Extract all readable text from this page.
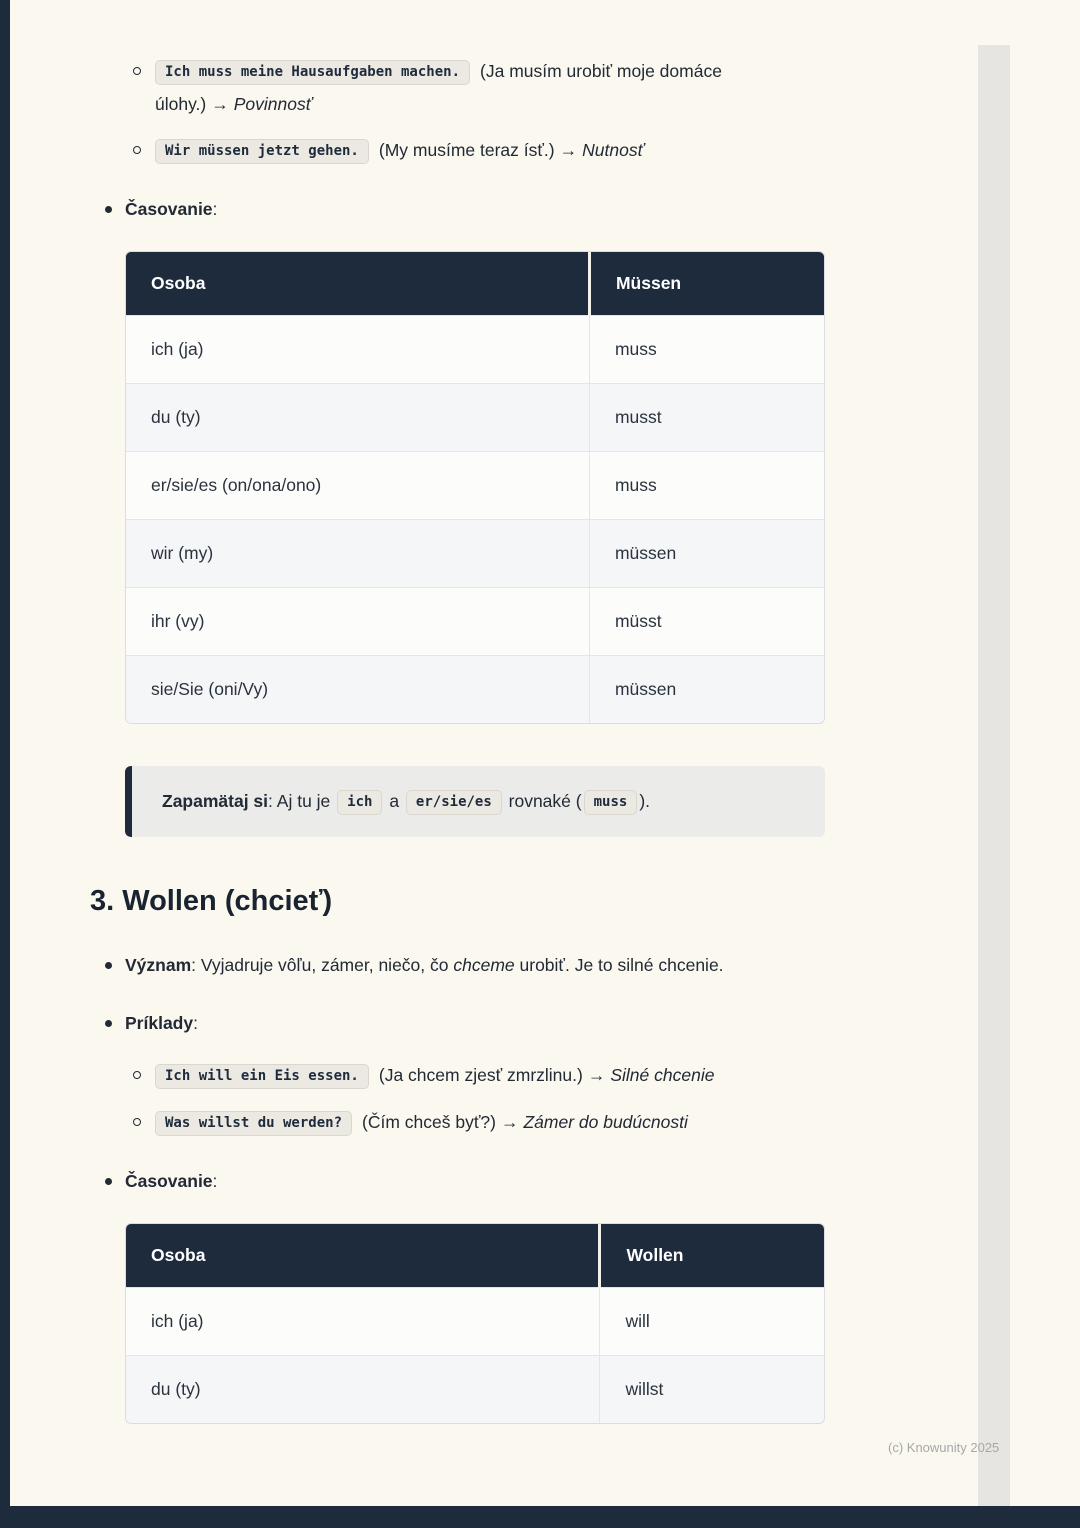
Ich muss meine Hausaufgaben machen. (Ja musím urobiť moje domáce úlohy.) → Povinnosť
Wir müssen jetzt gehen. (My musíme teraz ísť.) → Nutnosť
Časovanie:
Osoba	Müssen
ich (ja)	muss
du (ty)	musst
er/sie/es (on/ona/ono)	muss
wir (my)	müssen
ihr (vy)	müsst
sie/Sie (oni/Vy)	müssen
Zapamätaj si: Aj tu je ich a er/sie/es rovnaké ( muss ).
3. Wollen (chcieť)
Význam: Vyjadruje vôľu, zámer, niečo, čo chceme urobiť. Je to silné chcenie.
Príklady:
Ich will ein Eis essen. (Ja chcem zjesť zmrzlinu.) → Silné chcenie
Was willst du werden? (Čím chceš byť?) → Zámer do budúcnosti
Časovanie:
Osoba	Wollen
ich (ja)	will
du (ty)	willst
(c) Knowunity 2025
